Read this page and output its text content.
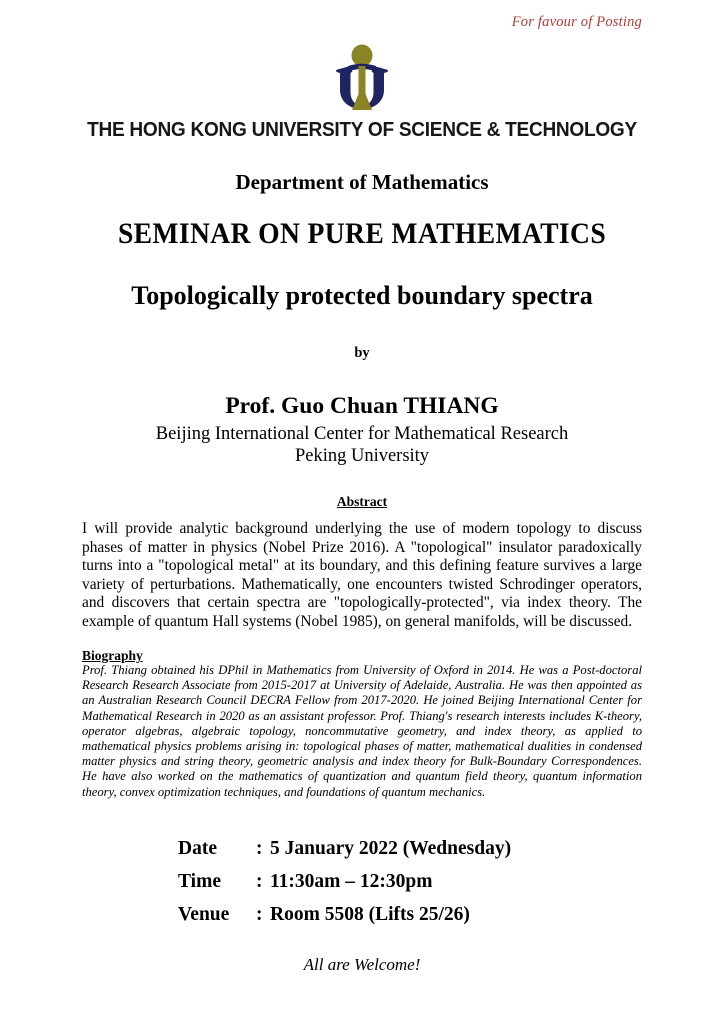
For favour of Posting
THE HONG KONG UNIVERSITY OF SCIENCE & TECHNOLOGY
Department of Mathematics
SEMINAR ON PURE MATHEMATICS
Topologically protected boundary spectra
by
Prof. Guo Chuan THIANG
Beijing International Center for Mathematical Research
Peking University
Abstract
I will provide analytic background underlying the use of modern topology to discuss phases of matter in physics (Nobel Prize 2016). A "topological" insulator paradoxically turns into a "topological metal" at its boundary, and this defining feature survives a large variety of perturbations. Mathematically, one encounters twisted Schrodinger operators, and discovers that certain spectra are "topologically-protected", via index theory. The example of quantum Hall systems (Nobel 1985), on general manifolds, will be discussed.
Biography
Prof. Thiang obtained his DPhil in Mathematics from University of Oxford in 2014. He was a Post-doctoral Research Research Associate from 2015-2017 at University of Adelaide, Australia. He was then appointed as an Australian Research Council DECRA Fellow from 2017-2020. He joined Beijing International Center for Mathematical Research in 2020 as an assistant professor. Prof. Thiang's research interests includes K-theory, operator algebras, algebraic topology, noncommutative geometry, and index theory, as applied to mathematical physics problems arising in: topological phases of matter, mathematical dualities in condensed matter physics and string theory, geometric analysis and index theory for Bulk-Boundary Correspondences. He have also worked on the mathematics of quantization and quantum field theory, quantum information theory, convex optimization techniques, and foundations of quantum mechanics.
Date	: 5 January 2022 (Wednesday)
Time	: 11:30am – 12:30pm
Venue	: Room 5508 (Lifts 25/26)
All are Welcome!
